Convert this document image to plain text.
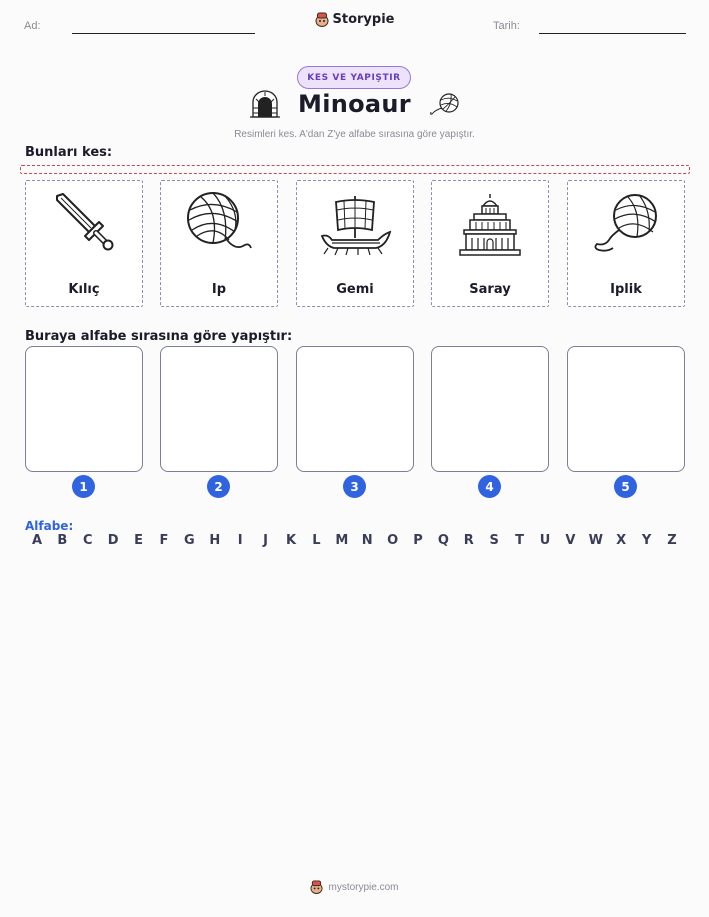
Ad:	Storypie	Tarih:
KES VE YAPIŞTIR
Minoaur
Resimleri kes. A'dan Z'ye alfabe sırasına göre yapıştır.
Bunları kes:
Kılıç	Ip	Gemi	Saray	Iplik
Buraya alfabe sırasına göre yapıştır:
1	2	3	4	5
Alfabe:
A	B	C	D	E	F	G	H	I	J	K	L	M	N	O	P	Q	R	S	T	U	V	W	X	Y	Z
mystorypie.com
